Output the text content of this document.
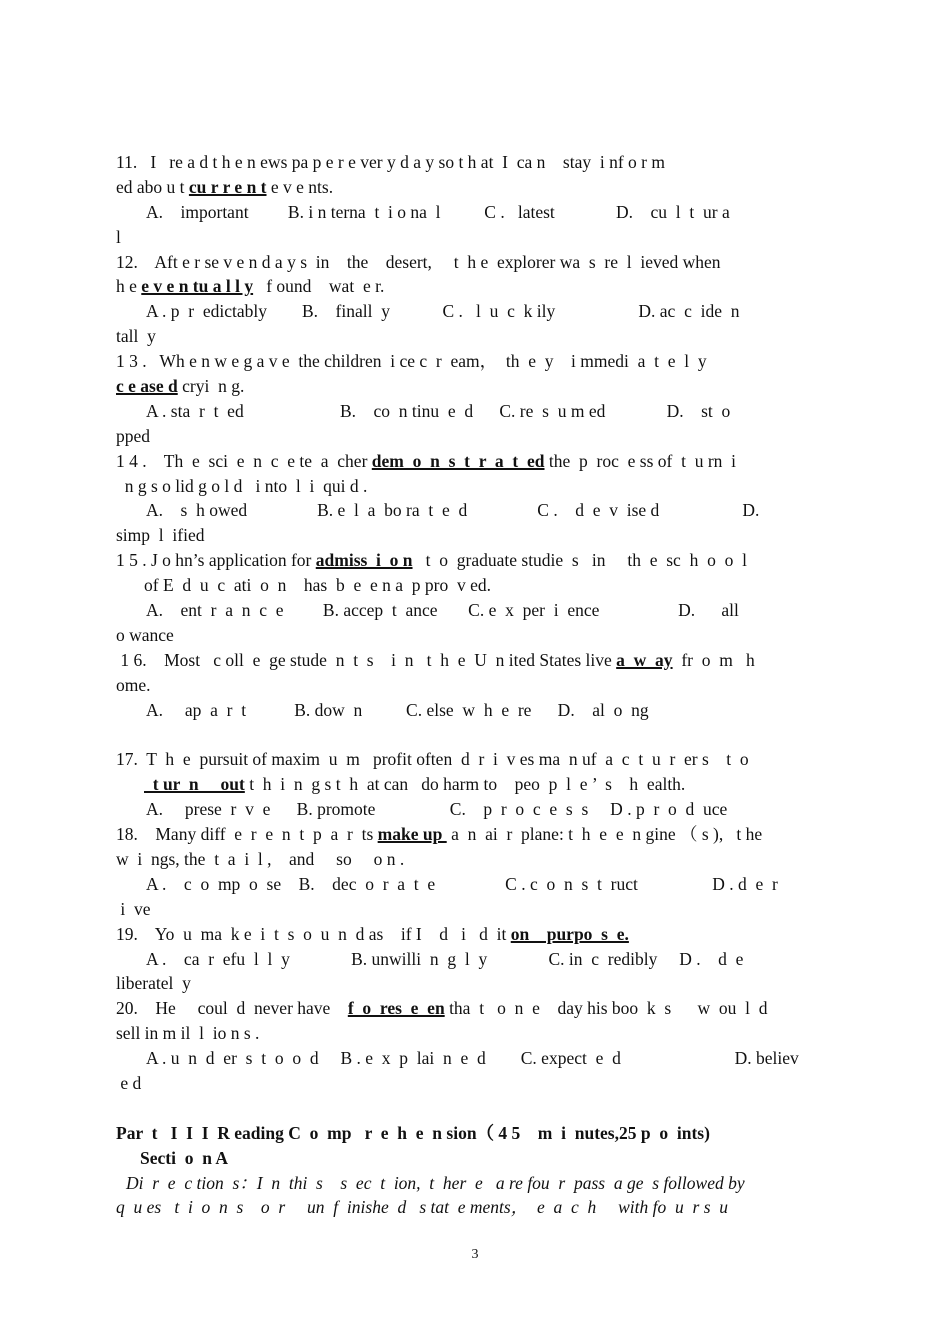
11.   I   re a d t h e n ews pa p e r e ver y d a y so t h at  I  ca n    stay  i nf o r m
ed abo u t cu r r e n t e v e nts.
A.    important         B. i n terna  t  i o na  l          C .   latest              D.    cu  l  t  ur a
l
12.    Aft e r se v e n d a y s  in    the    desert,     t  h e  explorer wa  s  re  l  ieved when
h e e v e n tu a l l y   f ound    wat  e r.
A . p  r  edictably        B.    finall  y            C .   l  u  c  k ily                   D. ac  c  ide  n
tall  y
1 3 .   Wh e n w e g a v e  the children  i ce c  r  eam，  th  e  y    i mmedi  a  t  e  l  y
c e ase d cryi  n g.
A . sta  r  t  ed                      B.    co  n tinu  e  d      C. re  s  u m ed              D.    st  o
pped
1 4 .    Th  e  sci  e  n  c  e te  a  cher dem  o  n  s  t  r  a  t  ed the  p  roc  e ss of  t  u rn  i
n g s o lid g o l d   i nto  l  i  qui d .
A.    s  h owed                B. e  l  a  bo ra  t  e  d                C .    d  e  v  ise d                   D.
simp  l  ified
1 5 . J o hn’s application for admiss  i  o n   t  o  graduate studie  s   in     th  e  sc  h  o  o  l
of E  d  u  c  ati  o  n    has  b  e  e n a  p pro  v ed.
A.    ent  r  a  n  c  e         B. accep  t  ance       C. e  x  per  i  ence                  D.      all
o wance
1 6.    Most   c oll  e  ge stude  n  t  s    i  n   t  h  e  U  n ited States live a  w  ay  fr  o  m   h
ome.
A.     ap  a  r  t           B. dow  n          C. else  w  h  e  re      D.    al  o  ng
17.  T  h  e  pursuit of maxim  u  m   profit often  d  r  i  v es ma  n uf  a  c  t  u  r  er s    t  o
t ur  n     out t  h  i  n  g s t  h  at can   do harm to    peo  p  l  e ’  s    h  ealth.
A.     prese  r  v  e      B. promote                 C.    p  r  o  c  e  s  s     D . p  r  o  d  uce
18.    Many diff  e  r  e  n  t  p  a  r  ts make up  a  n  ai  r  plane: t  h  e  e  n gine （ s ),   t he
w  i  ngs, the  t  a  i  l ,    and     so     o n .
A .    c  o  mp  o  se    B.    dec  o  r  a  t  e                C . c  o  n  s  t  ruct                 D . d  e  r
i  ve
19.    Yo  u  ma  k e  i  t  s  o  u  n  d as    if I    d   i   d  it on    purpo  s  e.
A .    ca  r  efu  l  l  y              B. unwilli  n  g  l  y              C. in  c  redibly     D .    d  e
liberatel  y
20.    He     coul  d  never have    f  o  res  e  en tha  t   o  n  e    day his boo  k  s      w  ou  l  d
sell in m il  l  io n s .
A . u  n  d  er  s  t  o  o  d     B . e  x  p  lai  n  e  d        C. expect  e  d                          D. believ
e d
Par  t   I  I  I  R eading C  o  mp   r  e  h  e  n sion（ 4 5    m  i  nutes,25 p  o  ints)
Secti  o  n A
Di  r  e  c tion  s：I  n  thi  s    s  ec  t  ion,  t  her  e   a re fou  r  pass  a ge  s followed by
q  u es   t  i  o  n  s    o  r     un  f  inishe  d   s tat  e ments，  e  a  c  h     with fo  u  r s  u
3
